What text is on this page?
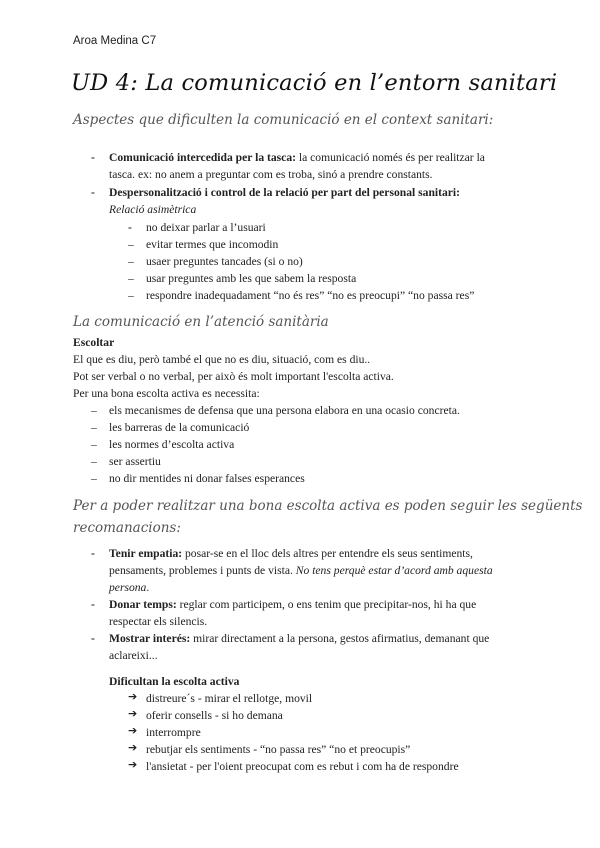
Aroa Medina C7
UD 4: La comunicació en l’entorn sanitari
Aspectes que dificulten la comunicació en el context sanitari:
- Comunicació intercedida per la tasca: la comunicació només és per realitzar la
tasca. ex: no anem a preguntar com es troba, sinó a prendre constants.
- Despersonalització i control de la relació per part del personal sanitari:
Relació asimètrica
- no deixar parlar a l’usuari
– evitar termes que incomodin
– usaer preguntes tancades (si o no)
– usar preguntes amb les que sabem la resposta
– respondre inadequadament “no és res” “no es preocupi” “no passa res”
La comunicació en l’atenció sanitària
Escoltar
El que es diu, però també el que no es diu, situació, com es diu..
Pot ser verbal o no verbal, per això és molt important l'escolta activa.
Per una bona escolta activa es necessita:
– els mecanismes de defensa que una persona elabora en una ocasio concreta.
– les barreras de la comunicació
– les normes d’escolta activa
– ser assertiu
– no dir mentides ni donar falses esperances
Per a poder realitzar una bona escolta activa es poden seguir les següents
recomanacions:
- Tenir empatia: posar-se en el lloc dels altres per entendre els seus sentiments,
pensaments, problemes i punts de vista. No tens perquè estar d’acord amb aquesta
persona.
- Donar temps: reglar com participem, o ens tenim que precipitar-nos, hi ha que
respectar els silencis.
- Mostrar interés: mirar directament a la persona, gestos afirmatius, demanant que
aclareixi...
Dificultan la escolta activa
➔ distreure´s - mirar el rellotge, movil
➔ oferir consells - si ho demana
➔ interrompre
➔ rebutjar els sentiments - “no passa res” “no et preocupis”
➔ l'ansietat - per l'oient preocupat com es rebut i com ha de respondre
